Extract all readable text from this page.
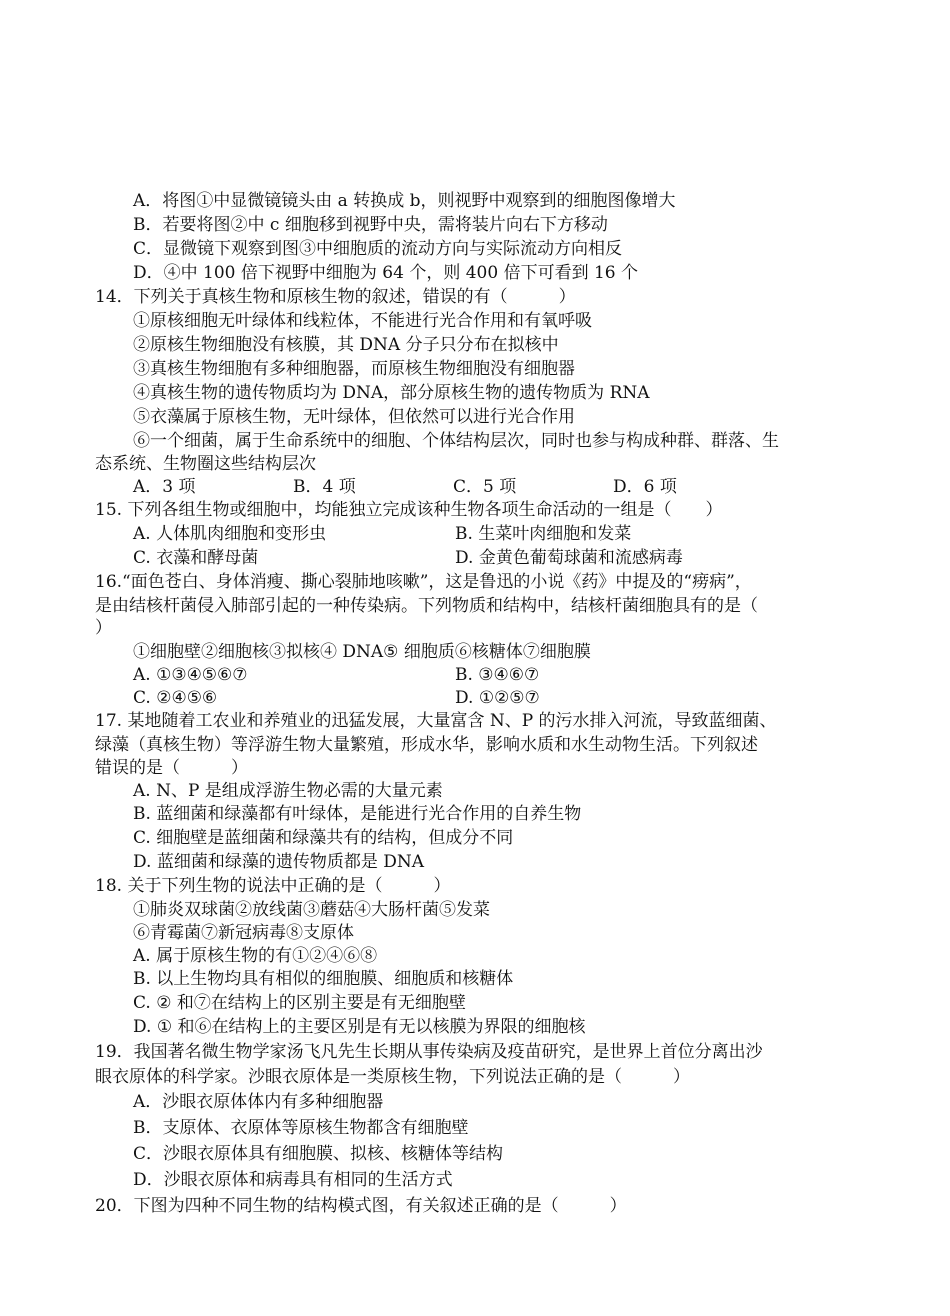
A．将图①中显微镜镜头由 a 转换成 b，则视野中观察到的细胞图像增大
B．若要将图②中 c 细胞移到视野中央，需将装片向右下方移动
C．显微镜下观察到图③中细胞质的流动方向与实际流动方向相反
D．④中 100 倍下视野中细胞为 64 个，则 400 倍下可看到 16 个
14．下列关于真核生物和原核生物的叙述，错误的有（　　　）
①原核细胞无叶绿体和线粒体，不能进行光合作用和有氧呼吸
②原核生物细胞没有核膜，其 DNA 分子只分布在拟核中
③真核生物细胞有多种细胞器，而原核生物细胞没有细胞器
④真核生物的遗传物质均为 DNA，部分原核生物的遗传物质为 RNA
⑤衣藻属于原核生物，无叶绿体，但依然可以进行光合作用
⑥一个细菌，属于生命系统中的细胞、个体结构层次，同时也参与构成种群、群落、生
态系统、生物圈这些结构层次
A．3 项	B．4 项	C．5 项	D．6 项
15. 下列各组生物或细胞中，均能独立完成该种生物各项生命活动的一组是（　　）
A. 人体肌肉细胞和变形虫	B. 生菜叶肉细胞和发菜
C. 衣藻和酵母菌	D. 金黄色葡萄球菌和流感病毒
16.“面色苍白、身体消瘦、撕心裂肺地咳嗽”，这是鲁迅的小说《药》中提及的“痨病”，
是由结核杆菌侵入肺部引起的一种传染病。下列物质和结构中，结核杆菌细胞具有的是（
）
①细胞壁②细胞核③拟核④ DNA⑤ 细胞质⑥核糖体⑦细胞膜
A. ①③④⑤⑥⑦	B. ③④⑥⑦
C. ②④⑤⑥	D. ①②⑤⑦
17. 某地随着工农业和养殖业的迅猛发展，大量富含 N、P 的污水排入河流，导致蓝细菌、
绿藻（真核生物）等浮游生物大量繁殖，形成水华，影响水质和水生动物生活。下列叙述
错误的是（　　　）
A. N、P 是组成浮游生物必需的大量元素
B. 蓝细菌和绿藻都有叶绿体，是能进行光合作用的自养生物
C. 细胞壁是蓝细菌和绿藻共有的结构，但成分不同
D. 蓝细菌和绿藻的遗传物质都是 DNA
18. 关于下列生物的说法中正确的是（　　　）
①肺炎双球菌②放线菌③蘑菇④大肠杆菌⑤发菜
⑥青霉菌⑦新冠病毒⑧支原体
A. 属于原核生物的有①②④⑥⑧
B. 以上生物均具有相似的细胞膜、细胞质和核糖体
C. ② 和⑦在结构上的区别主要是有无细胞壁
D. ① 和⑥在结构上的主要区别是有无以核膜为界限的细胞核
19．我国著名微生物学家汤飞凡先生长期从事传染病及疫苗研究，是世界上首位分离出沙
眼衣原体的科学家。沙眼衣原体是一类原核生物，下列说法正确的是（　　　）
A．沙眼衣原体体内有多种细胞器
B．支原体、衣原体等原核生物都含有细胞壁
C．沙眼衣原体具有细胞膜、拟核、核糖体等结构
D．沙眼衣原体和病毒具有相同的生活方式
20．下图为四种不同生物的结构模式图，有关叙述正确的是（　　　）
